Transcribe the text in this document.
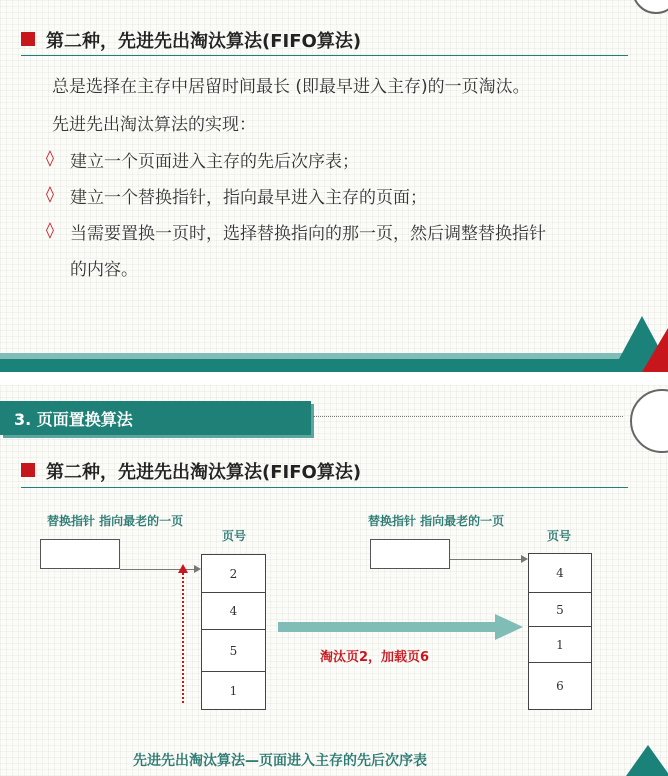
第二种，先进先出淘汰算法(FIFO算法)
总是选择在主存中居留时间最长 (即最早进入主存)的一页淘汰。
先进先出淘汰算法的实现：
◊ 建立一个页面进入主存的先后次序表；
◊ 建立一个替换指针，指向最早进入主存的页面；
◊ 当需要置换一页时，选择替换指向的那一页，然后调整替换指针
的内容。
3. 页面置换算法
第二种，先进先出淘汰算法(FIFO算法)
替换指针 指向最老的一页
页号
2
4
5
1
淘汰页2，加载页6
替换指针 指向最老的一页
页号
4
5
1
6
先进先出淘汰算法—页面进入主存的先后次序表
